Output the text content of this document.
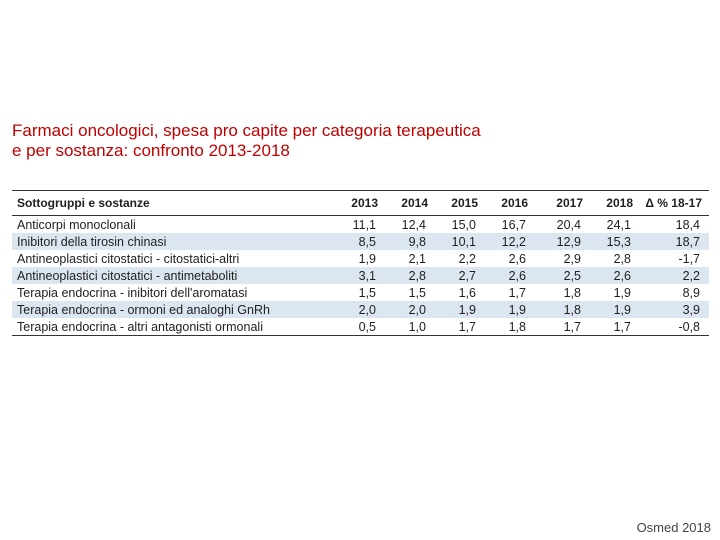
Farmaci oncologici, spesa pro capite per categoria terapeutica
e per sostanza: confronto 2013-2018
Sottogruppi e sostanze	2013	2014	2015	2016	2017	2018	Δ % 18-17
Anticorpi monoclonali	11,1	12,4	15,0	16,7	20,4	24,1	18,4
Inibitori della tirosin chinasi	8,5	9,8	10,1	12,2	12,9	15,3	18,7
Antineoplastici citostatici - citostatici-altri	1,9	2,1	2,2	2,6	2,9	2,8	-1,7
Antineoplastici citostatici - antimetaboliti	3,1	2,8	2,7	2,6	2,5	2,6	2,2
Terapia endocrina - inibitori dell'aromatasi	1,5	1,5	1,6	1,7	1,8	1,9	8,9
Terapia endocrina - ormoni ed analoghi GnRh	2,0	2,0	1,9	1,9	1,8	1,9	3,9
Terapia endocrina - altri antagonisti ormonali	0,5	1,0	1,7	1,8	1,7	1,7	-0,8
Osmed 2018
